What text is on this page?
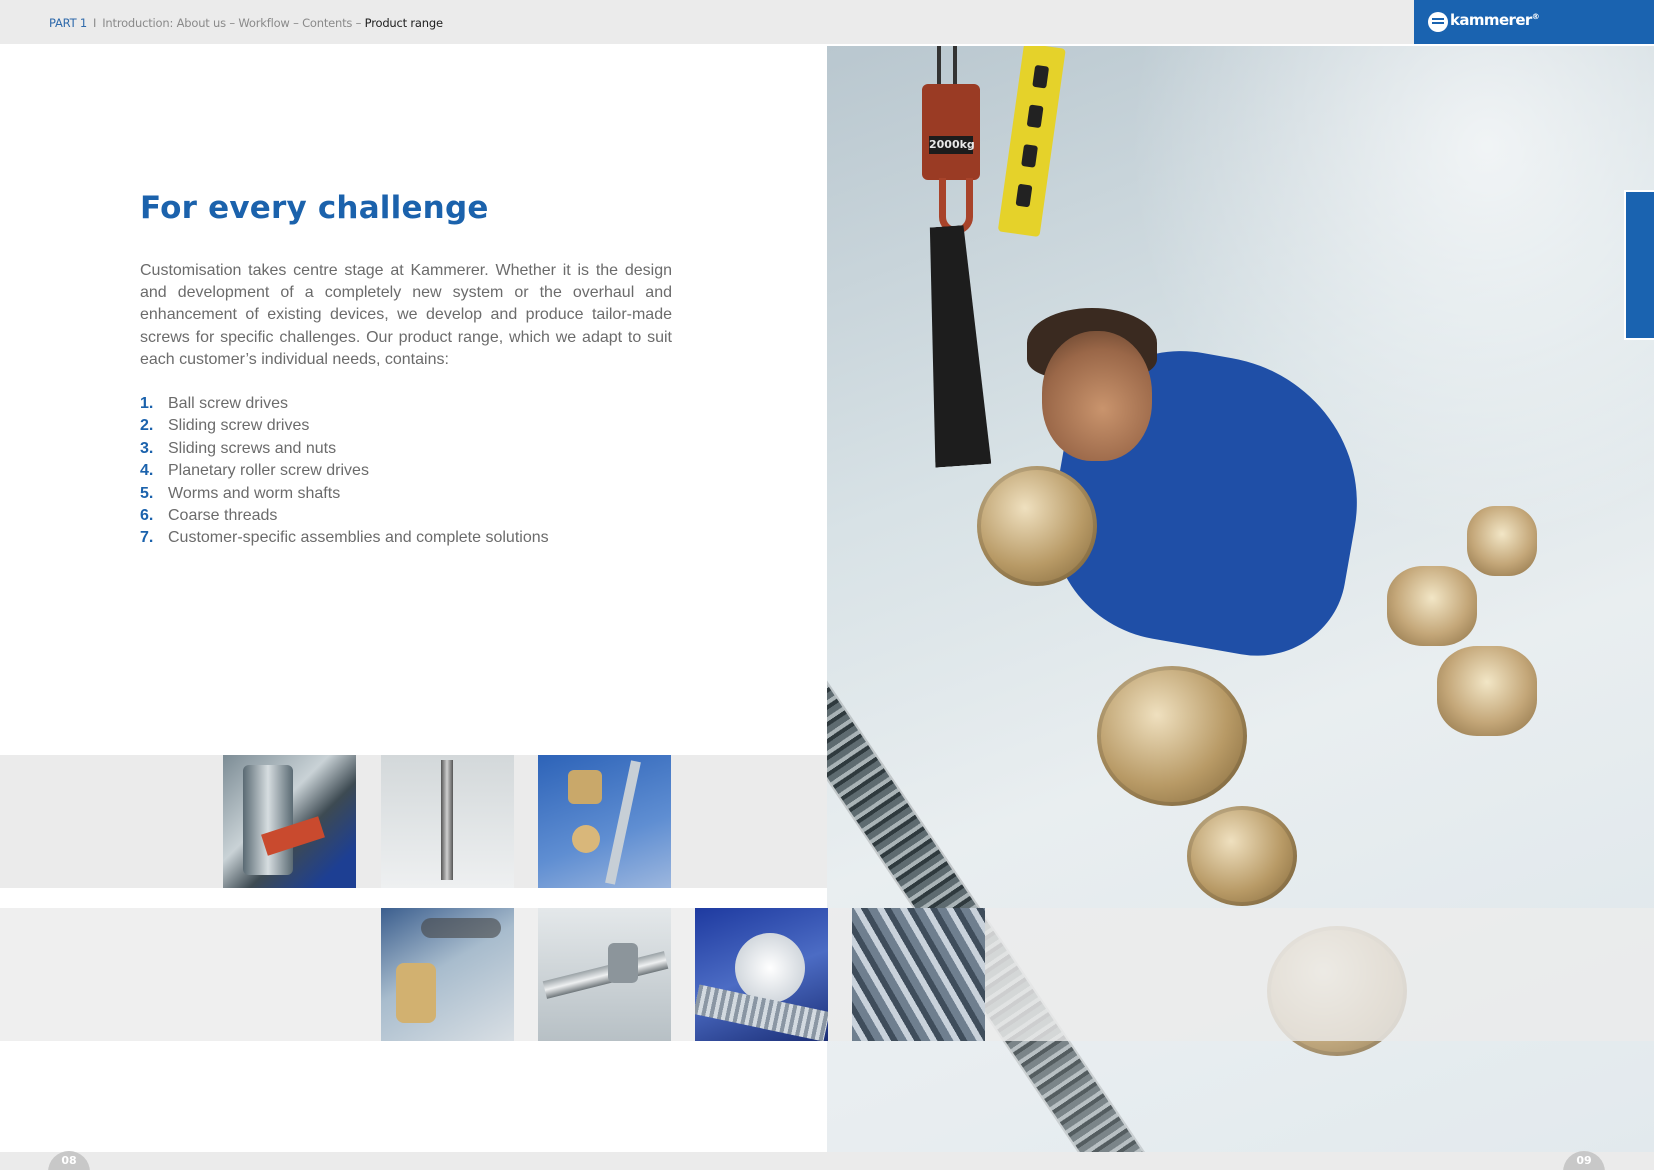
PART 1 I Introduction: About us – Workflow – Contents – Product range	kammerer®
For every challenge

Customisation takes centre stage at Kammerer. Whether it is the design and development of a completely new system or the overhaul and enhancement of existing devices, we develop and produce tailor-made screws for specific challenges. Our product range, which we adapt to suit each customer’s individual needs, contains:

1. Ball screw drives
2. Sliding screw drives
3. Sliding screws and nuts
4. Planetary roller screw drives
5. Worms and worm shafts
6. Coarse threads
7. Customer-specific assemblies and complete solutions
2000kg
08	09
